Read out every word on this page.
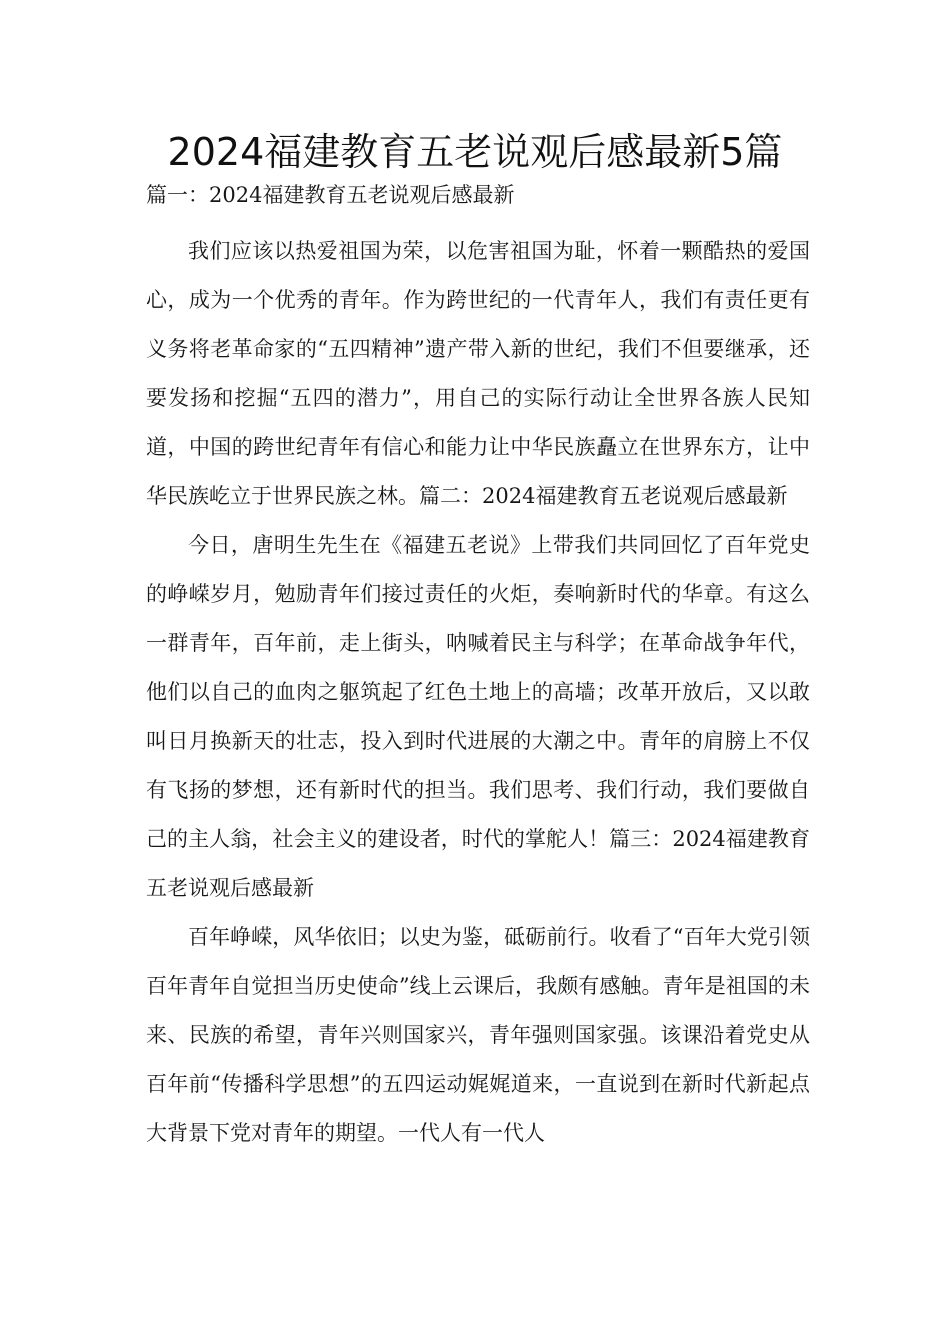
2024福建教育五老说观后感最新5篇

篇一：2024福建教育五老说观后感最新

我们应该以热爱祖国为荣，以危害祖国为耻，怀着一颗酷热的爱国心，成为一个优秀的青年。作为跨世纪的一代青年人，我们有责任更有义务将老革命家的“五四精神”遗产带入新的世纪，我们不但要继承，还要发扬和挖掘“五四的潜力”，用自己的实际行动让全世界各族人民知道，中国的跨世纪青年有信心和能力让中华民族矗立在世界东方，让中华民族屹立于世界民族之林。篇二：2024福建教育五老说观后感最新

今日，唐明生先生在《福建五老说》上带我们共同回忆了百年党史的峥嵘岁月，勉励青年们接过责任的火炬，奏响新时代的华章。有这么一群青年，百年前，走上街头，呐喊着民主与科学；在革命战争年代，他们以自己的血肉之躯筑起了红色土地上的高墙；改革开放后，又以敢叫日月换新天的壮志，投入到时代进展的大潮之中。青年的肩膀上不仅有飞扬的梦想，还有新时代的担当。我们思考、我们行动，我们要做自己的主人翁，社会主义的建设者，时代的掌舵人！篇三：2024福建教育五老说观后感最新

百年峥嵘，风华依旧；以史为鉴，砥砺前行。收看了“百年大党引领百年青年自觉担当历史使命”线上云课后，我颇有感触。青年是祖国的未来、民族的希望，青年兴则国家兴，青年强则国家强。该课沿着党史从百年前“传播科学思想”的五四运动娓娓道来，一直说到在新时代新起点大背景下党对青年的期望。一代人有一代人
